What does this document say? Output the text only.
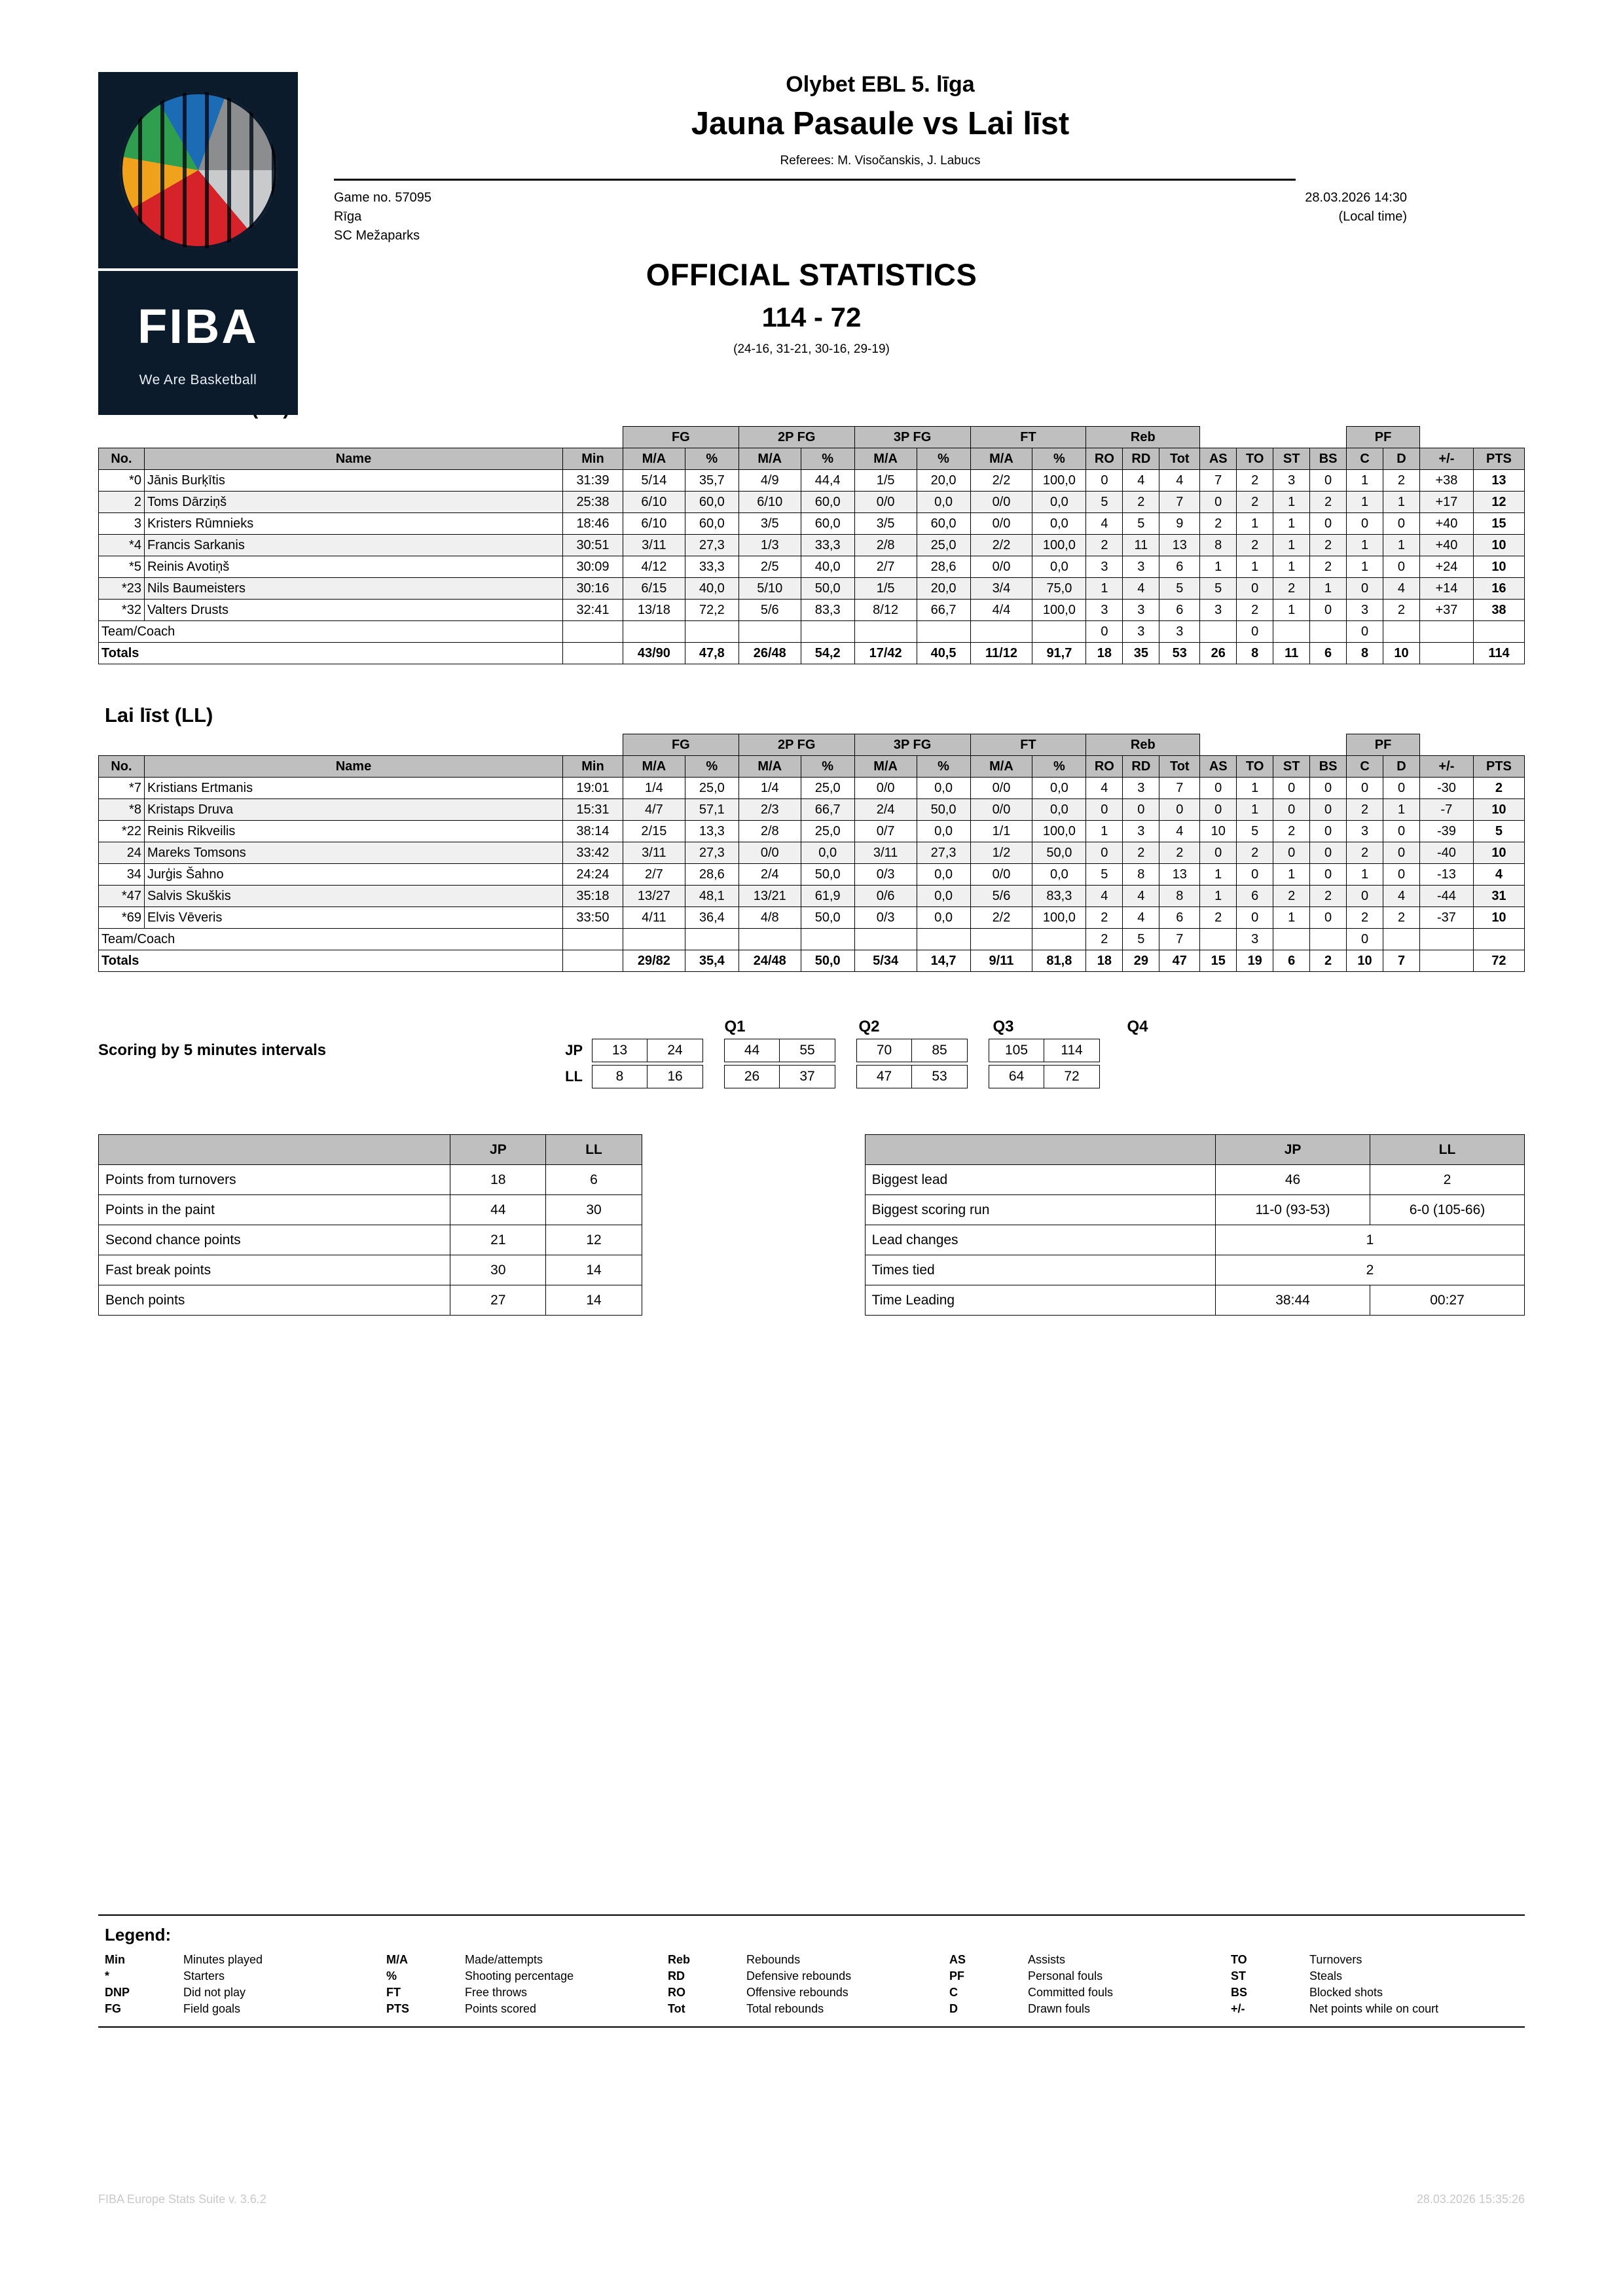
FIBA
We Are Basketball
Olybet EBL 5. līga
Jauna Pasaule vs Lai līst
Referees: M. Visočanskis, J. Labucs
Game no. 57095
Rīga
SC Mežaparks
28.03.2026 14:30
(Local time)
OFFICIAL STATISTICS
114 - 72
(24-16, 31-21, 30-16, 29-19)
			FG		2P FG		3P FG		FT		Reb							PF			
No.	Name	Min	M/A	%	M/A	%	M/A	%	M/A	%	RO	RD	Tot	AS	TO	ST	BS	C	D	+/-	PTS
*0	Jānis Burķītis	31:39	5/14	35,7	4/9	44,4	1/5	20,0	2/2	100,0	0	4	4	7	2	3	0	1	2	+38	13
2	Toms Dārziņš	25:38	6/10	60,0	6/10	60,0	0/0	0,0	0/0	0,0	5	2	7	0	2	1	2	1	1	+17	12
3	Kristers Rūmnieks	18:46	6/10	60,0	3/5	60,0	3/5	60,0	0/0	0,0	4	5	9	2	1	1	0	0	0	+40	15
*4	Francis Sarkanis	30:51	3/11	27,3	1/3	33,3	2/8	25,0	2/2	100,0	2	11	13	8	2	1	2	1	1	+40	10
*5	Reinis Avotiņš	30:09	4/12	33,3	2/5	40,0	2/7	28,6	0/0	0,0	3	3	6	1	1	1	2	1	0	+24	10
*23	Nils Baumeisters	30:16	6/15	40,0	5/10	50,0	1/5	20,0	3/4	75,0	1	4	5	5	0	2	1	0	4	+14	16
*32	Valters Drusts	32:41	13/18	72,2	5/6	83,3	8/12	66,7	4/4	100,0	3	3	6	3	2	1	0	3	2	+37	38
Team/Coach											0	3	3		0			0			
Totals			43/90	47,8	26/48	54,2	17/42	40,5	11/12	91,7	18	35	53	26	8	11	6	8	10		114
Lai līst (LL)
			FG		2P FG		3P FG		FT		Reb							PF			
No.	Name	Min	M/A	%	M/A	%	M/A	%	M/A	%	RO	RD	Tot	AS	TO	ST	BS	C	D	+/-	PTS
*7	Kristians Ertmanis	19:01	1/4	25,0	1/4	25,0	0/0	0,0	0/0	0,0	4	3	7	0	1	0	0	0	0	-30	2
*8	Kristaps Druva	15:31	4/7	57,1	2/3	66,7	2/4	50,0	0/0	0,0	0	0	0	0	1	0	0	2	1	-7	10
*22	Reinis Rikveilis	38:14	2/15	13,3	2/8	25,0	0/7	0,0	1/1	100,0	1	3	4	10	5	2	0	3	0	-39	5
24	Mareks Tomsons	33:42	3/11	27,3	0/0	0,0	3/11	27,3	1/2	50,0	0	2	2	0	2	0	0	2	0	-40	10
34	Jurģis Šahno	24:24	2/7	28,6	2/4	50,0	0/3	0,0	0/0	0,0	5	8	13	1	0	1	0	1	0	-13	4
*47	Salvis Skuškis	35:18	13/27	48,1	13/21	61,9	0/6	0,0	5/6	83,3	4	4	8	1	6	2	2	0	4	-44	31
*69	Elvis Vēveris	33:50	4/11	36,4	4/8	50,0	0/3	0,0	2/2	100,0	2	4	6	2	0	1	0	2	2	-37	10
Team/Coach											2	5	7		3			0			
Totals			29/82	35,4	24/48	50,0	5/34	14,7	9/11	81,8	18	29	47	15	19	6	2	10	7		72
Q1	Q2	Q3	Q4
Scoring by 5 minutes intervals	JP	13	24	44	55	70	85	105	114
LL	8	16	26	37	47	53	64	72
	JP	LL
Points from turnovers	18	6
Points in the paint	44	30
Second chance points	21	12
Fast break points	30	14
Bench points	27	14
	JP	LL
Biggest lead	46	2
Biggest scoring run	11-0 (93-53)	6-0 (105-66)
Lead changes	1	
Times tied	2	
Time Leading	38:44	00:27
Legend:
Min	Minutes played	M/A	Made/attempts	Reb	Rebounds	AS	Assists	TO	Turnovers
*	Starters	%	Shooting percentage	RD	Defensive rebounds	PF	Personal fouls	ST	Steals
DNP	Did not play	FT	Free throws	RO	Offensive rebounds	C	Committed fouls	BS	Blocked shots
FG	Field goals	PTS	Points scored	Tot	Total rebounds	D	Drawn fouls	+/-	Net points while on court
FIBA Europe Stats Suite v. 3.6.2	28.03.2026 15:35:26
